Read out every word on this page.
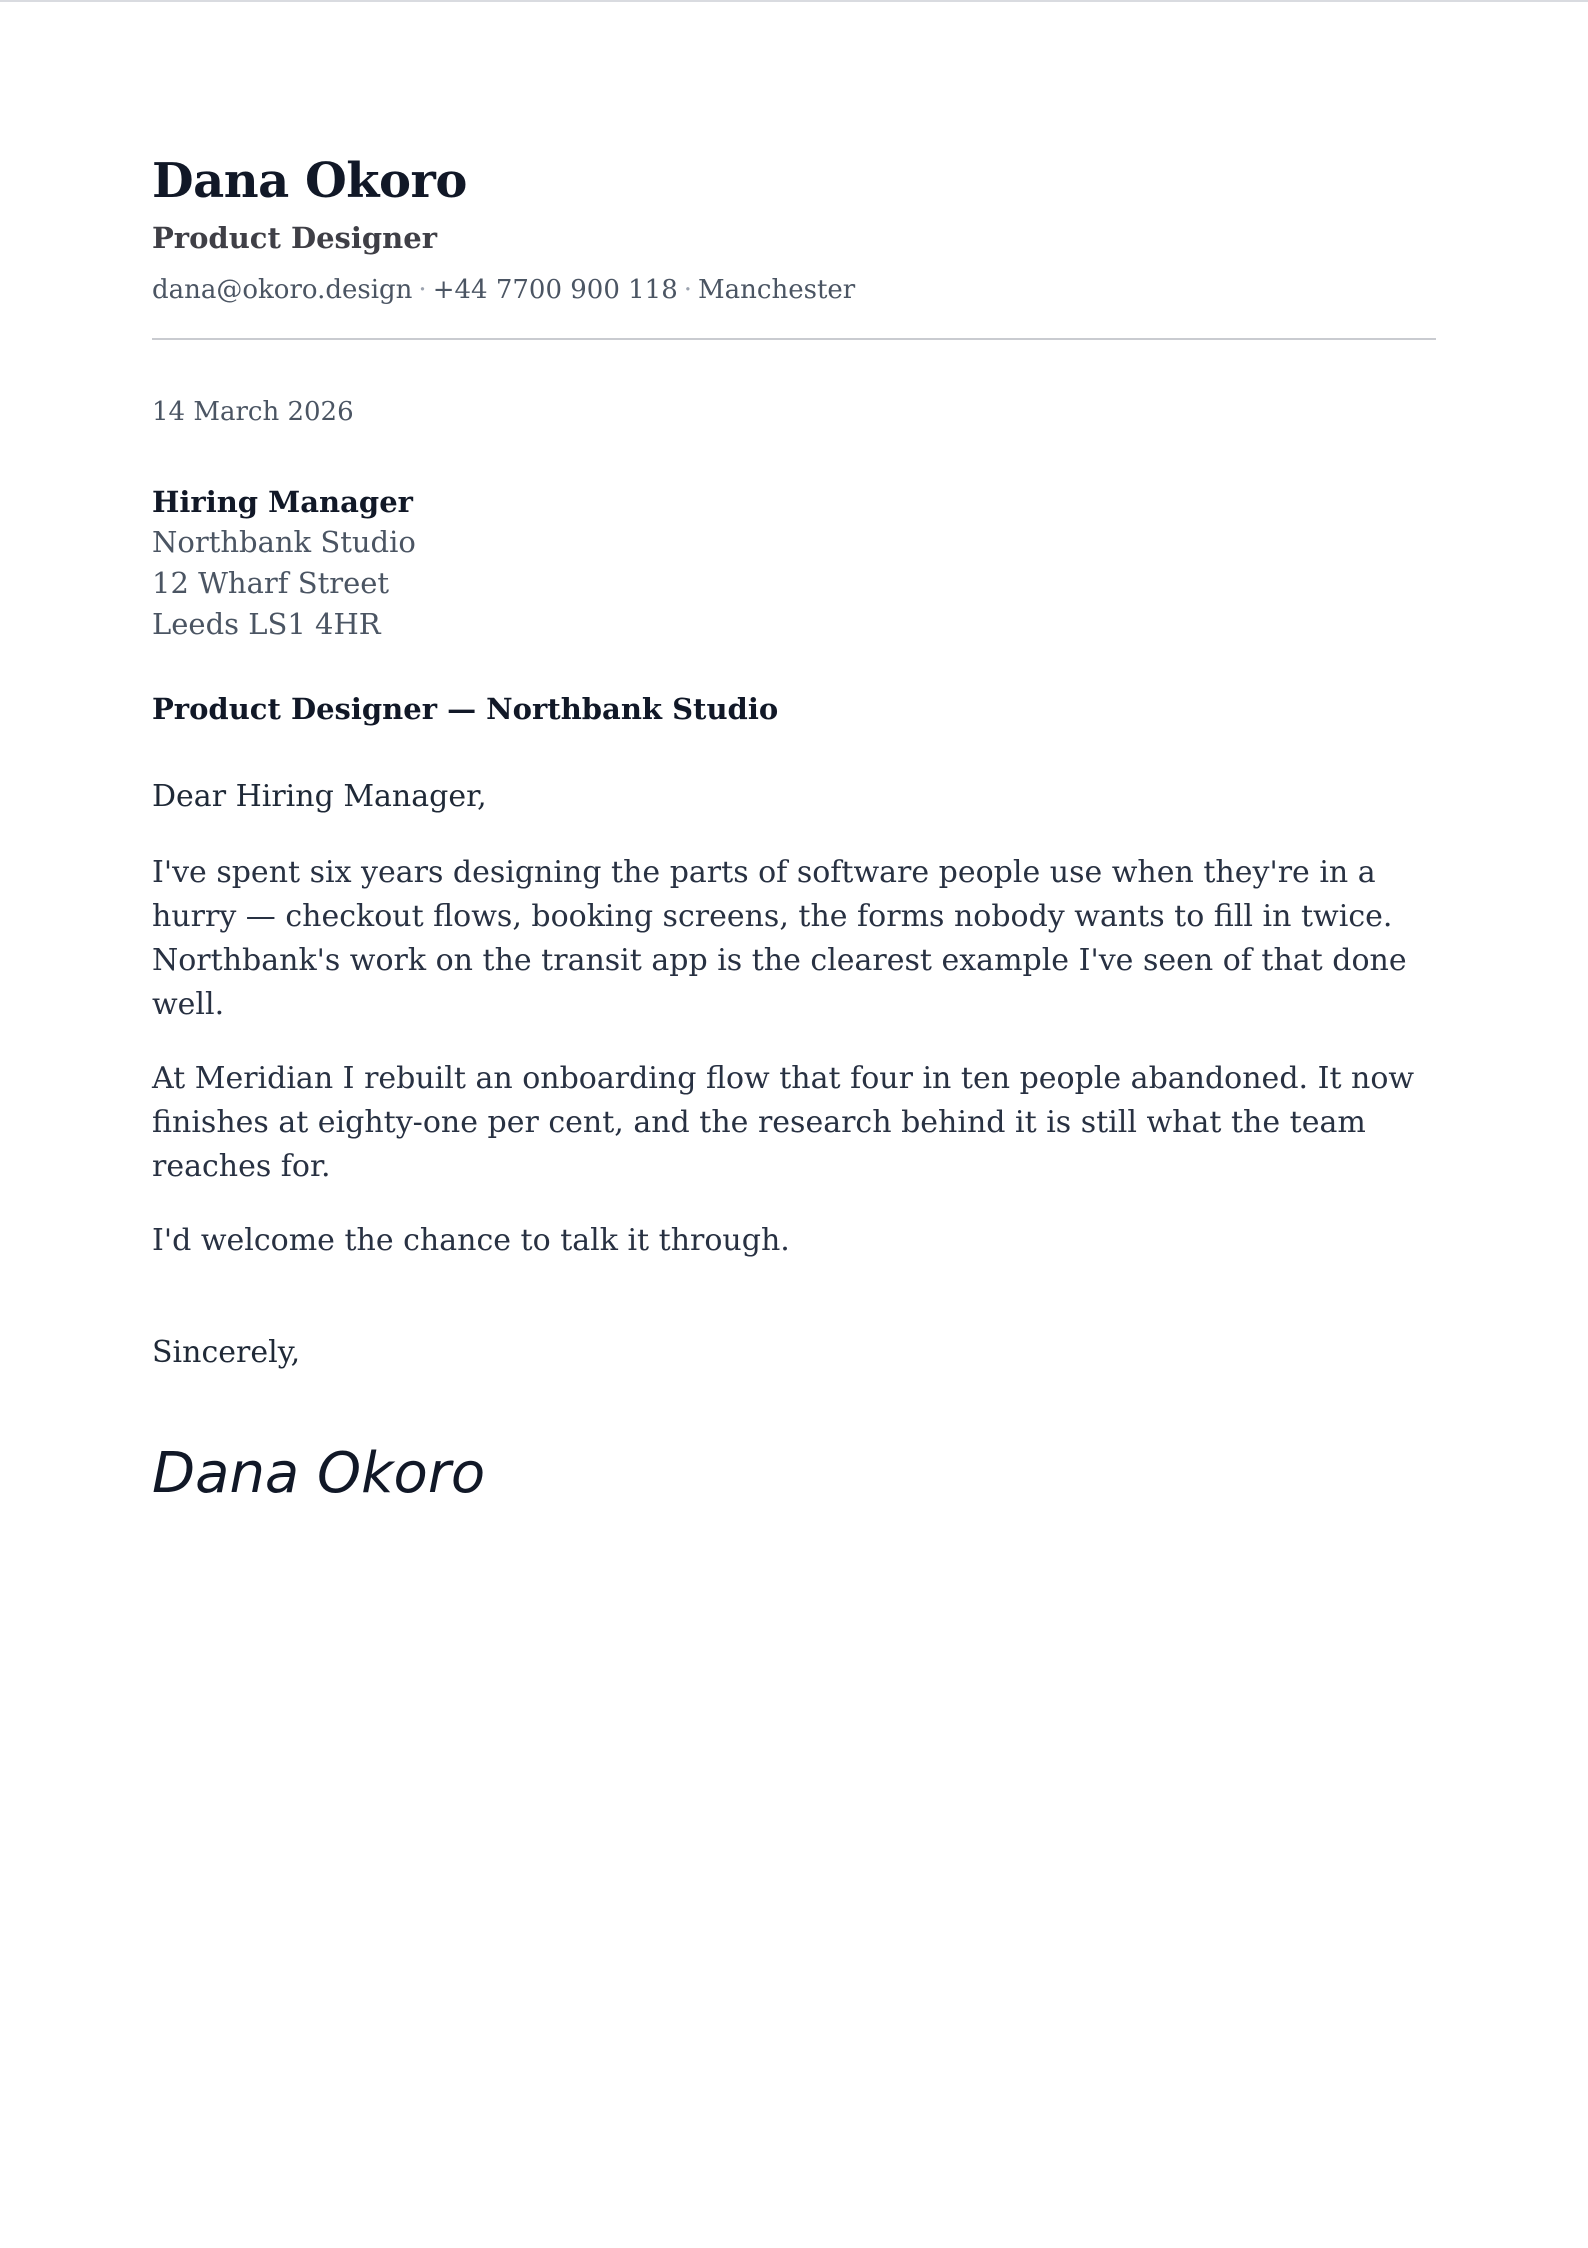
Dana Okoro

Product Designer

dana@okoro.design · +44 7700 900 118 · Manchester

14 March 2026
Hiring Manager
Northbank Studio
12 Wharf Street
Leeds LS1 4HR
Product Designer — Northbank Studio
Dear Hiring Manager,

I've spent six years designing the parts of software people use when they're in a hurry — checkout flows, booking screens, the forms nobody wants to fill in twice. Northbank's work on the transit app is the clearest example I've seen of that done well.

At Meridian I rebuilt an onboarding flow that four in ten people abandoned. It now finishes at eighty-one per cent, and the research behind it is still what the team reaches for.

I'd welcome the chance to talk it through.

Sincerely,
Dana Okoro
